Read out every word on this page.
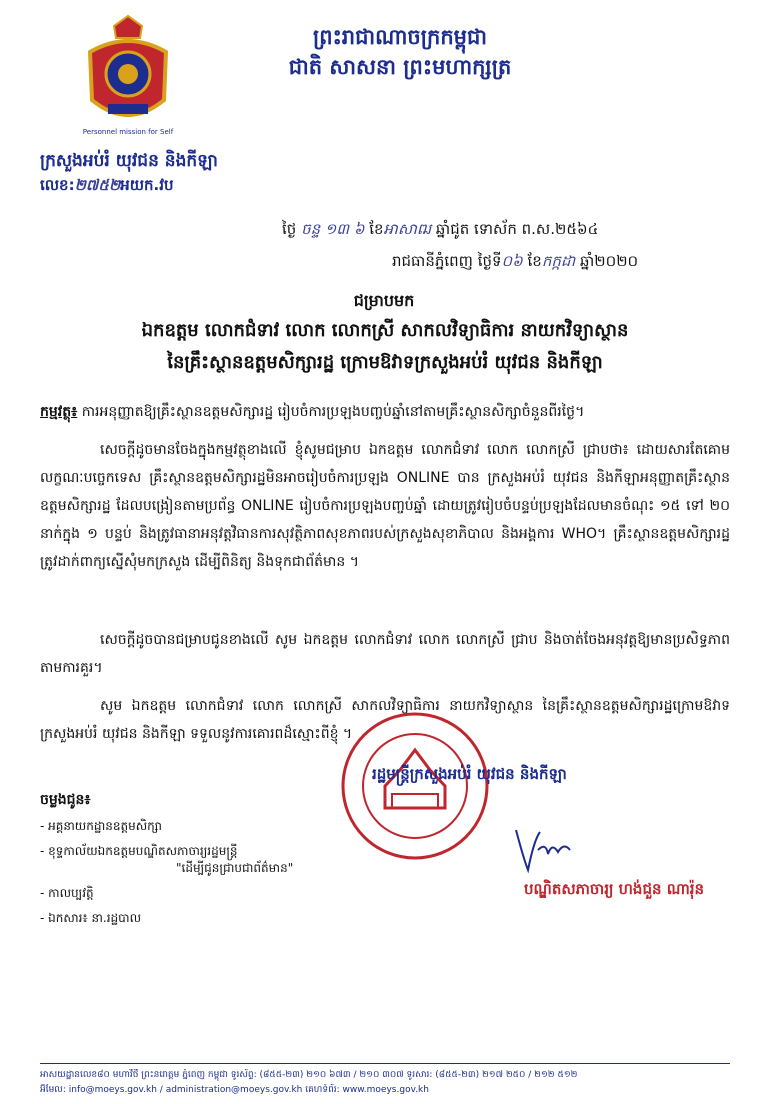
Personnel mission for Self
ព្រះរាជាណាចក្រកម្ពុជា
ជាតិ សាសនា ព្រះមហាក្សត្រ
ក្រសួងអប់រំ យុវជន និងកីឡា
លេខ:២៧៥២អយក.វប
ថ្ងៃ ចន្ទ ១៣ ៦ ខែអាសាឍ ឆ្នាំជូត ទោស័ក ព.ស.២៥៦៤
រាជធានីភ្នំពេញ ថ្ងៃទី០៦ ខែកក្កដា ឆ្នាំ២០២០
ជម្រាបមក
ឯកឧត្តម លោកជំទាវ លោក លោកស្រី សាកលវិទ្យាធិការ នាយកវិទ្យាស្ថាន
នៃគ្រឹះស្ថានឧត្តមសិក្សារដ្ឋ ក្រោមឱវាទក្រសួងអប់រំ យុវជន និងកីឡា
កម្មវត្ថុ៖ ការអនុញ្ញាតឱ្យគ្រឹះស្ថានឧត្តមសិក្សារដ្ឋ រៀបចំការប្រឡងបញ្ចប់ឆ្នាំនៅតាមគ្រឹះស្ថានសិក្សាចំនួនពីរថ្ងៃ។
សេចក្តីដូចមានចែងក្នុងកម្មវត្ថុខាងលើ ខ្ញុំសូមជម្រាប ឯកឧត្តម លោកជំទាវ លោក លោកស្រី ជ្រាបថា៖ ដោយសារតែគោមលក្ខណៈបច្ចេកទេស គ្រឹះស្ថានឧត្តមសិក្សារដ្ឋមិនអាចរៀបចំការប្រឡង ONLINE បាន ក្រសួងអប់រំ យុវជន និងកីឡាអនុញ្ញាតគ្រឹះស្ថានឧត្តមសិក្សារដ្ឋ ដែលបង្រៀនតាមប្រព័ន្ធ ONLINE រៀបចំការប្រឡងបញ្ចប់ឆ្នាំ ដោយត្រូវរៀបចំបន្ទប់ប្រឡងដែលមានចំណុះ ១៥ ទៅ ២០ នាក់ក្នុង ១ បន្ទប់ និងត្រូវធានាអនុវត្តវិធានការសុវត្ថិភាពសុខភាពរបស់ក្រសួងសុខាភិបាល និងអង្គការ WHO។ គ្រឹះស្ថានឧត្តមសិក្សារដ្ឋត្រូវដាក់ពាក្យស្នើសុំមកក្រសួង ដើម្បីពិនិត្យ និងទុកជាព័ត៌មាន ។
សេចក្តីដូចបានជម្រាបជូនខាងលើ សូម ឯកឧត្តម លោកជំទាវ លោក លោកស្រី ជ្រាប និងចាត់ចែងអនុវត្តឱ្យមានប្រសិទ្ធភាព តាមការគួរ។
សូម ឯកឧត្តម លោកជំទាវ លោក លោកស្រី សាកលវិទ្យាធិការ នាយកវិទ្យាស្ថាន នៃគ្រឹះស្ថានឧត្តមសិក្សារដ្ឋក្រោមឱវាទក្រសួងអប់រំ យុវជន និងកីឡា ទទួលនូវការគោរពដ៏ស្មោះពីខ្ញុំ ។
រដ្ឋមន្ត្រីក្រសួងអប់រំ យុវជន និងកីឡា
បណ្ឌិតសភាចារ្យ ហង់ជួន ណារ៉ុន
ចម្លងជូន៖
- អគ្គនាយកដ្ឋានឧត្តមសិក្សា
- ខុទ្ទកាល័យឯកឧត្តមបណ្ឌិតសភាចារ្យរដ្ឋមន្ត្រី
"ដើម្បីជូនជ្រាបជាព័ត៌មាន"
- កាលប្បវត្តិ
- ឯកសារ៖ នា.រដ្ឋបាល
អាសយដ្ឋានលេខ៨០ មហាវិថី ព្រះនរោត្តម ភ្នំពេញ កម្ពុជា ទូរស័ព្ទ: (៨៥៥-២៣) ២១០ ៦៧៣ / ២១០ ៣០៧ ទូរសារ: (៨៥៥-២៣) ២១៧ ២៥០ / ២១២ ៥១២
អ៊ីមែល: info@moeys.gov.kh / administration@moeys.gov.kh គេហទំព័រ: www.moeys.gov.kh
